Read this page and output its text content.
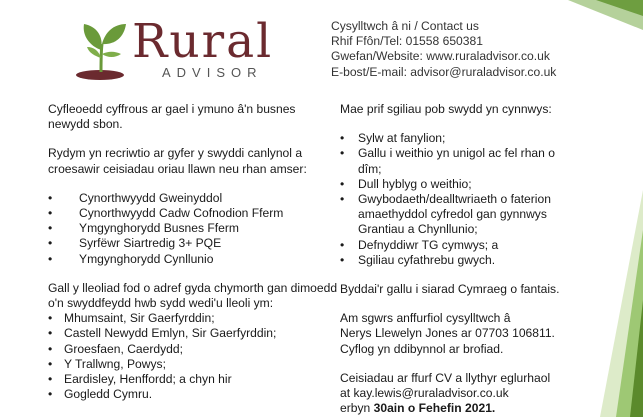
Rural
ADVISOR
Cysylltwch â ni / Contact us
Rhif Ffôn/Tel: 01558 650381
Gwefan/Website: www.ruraladvisor.co.uk
E-bost/E-mail: advisor@ruraladvisor.co.uk

Cyfleoedd cyffrous ar gael i ymuno â'n busnes newydd sbon.

Rydym yn recriwtio ar gyfer y swyddi canlynol a croesawir ceisiadau oriau llawn neu rhan amser:

• Cynorthwyydd Gweinyddol
• Cynorthwyydd Cadw Cofnodion Fferm
• Ymgynghorydd Busnes Fferm
• Syrfëwr Siartredig 3+ PQE
• Ymgynghorydd Cynllunio

Gall y lleoliad fod o adref gyda chymorth gan dimoedd o'n swyddfeydd hwb sydd wedi'u lleoli ym:

• Mhumsaint, Sir Gaerfyrddin;
• Castell Newydd Emlyn, Sir Gaerfyrddin;
• Groesfaen, Caerdydd;
• Y Trallwng, Powys;
• Eardisley, Henffordd; a chyn hir
• Gogledd Cymru.

Mae prif sgiliau pob swydd yn cynnwys:

• Sylw at fanylion;
• Gallu i weithio yn unigol ac fel rhan o dîm;
• Dull hyblyg o weithio;
• Gwybodaeth/dealltwriaeth o faterion amaethyddol cyfredol gan gynnwys Grantiau a Chynllunio;
• Defnyddiwr TG cymwys; a
• Sgiliau cyfathrebu gwych.

Byddai'r gallu i siarad Cymraeg o fantais.

Am sgwrs anffurfiol cysylltwch â

Nerys Llewelyn Jones ar 07703 106811.

Cyflog yn ddibynnol ar brofiad.

Ceisiadau ar ffurf CV a llythyr eglurhaol

at kay.lewis@ruraladvisor.co.uk

erbyn 30ain o Fehefin 2021.
